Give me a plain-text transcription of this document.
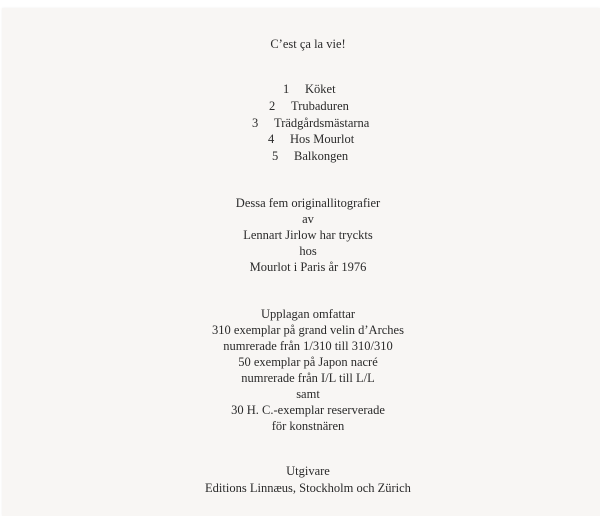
C’est ça la vie!
1 Köket
2 Trubaduren
3 Trädgårdsmästarna
4 Hos Mourlot
5 Balkongen
Dessa fem originallitografier
av
Lennart Jirlow har tryckts
hos
Mourlot i Paris år 1976
Upplagan omfattar
310 exemplar på grand velin d’Arches
numrerade från 1/310 till 310/310
50 exemplar på Japon nacré
numrerade från I/L till L/L
samt
30 H. C.-exemplar reserverade
för konstnären
Utgivare
Editions Linnæus, Stockholm och Zürich
